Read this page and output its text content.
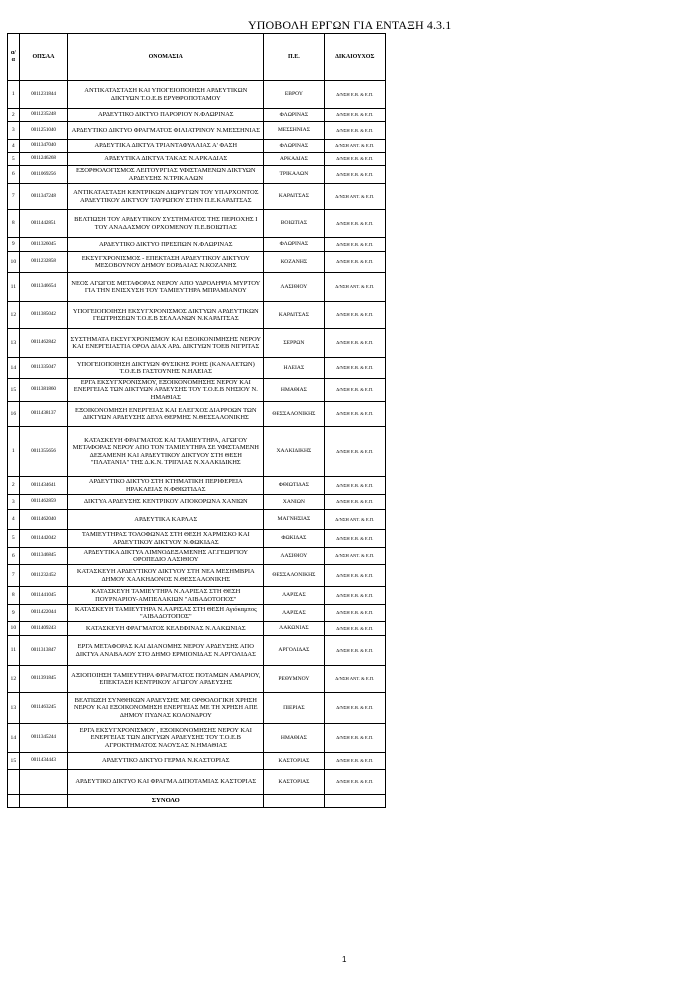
ΥΠΟΒΟΛΗ ΕΡΓΩΝ ΓΙΑ ΕΝΤΑΞΗ 4.3.1
α/α	ΟΠΣΑΑ	ΟΝΟΜΑΣΙΑ	Π.Ε.	ΔΙΚΑΙΟΥΧΟΣ
1	0011231844	ΑΝΤΙΚΑΤΑΣΤΑΣΗ ΚΑΙ ΥΠΟΓΕΙΟΠΟΙΗΣΗ ΑΡΔΕΥΤΙΚΩΝ ΔΙΚΤΥΩΝ Τ.Ο.Ε.Β ΕΡΥΘΡΟΠΟΤΑΜΟΥ	ΕΒΡΟΥ	Δ/ΝΣΗ Ε.Β. & Ε.Π.
2	0011235248	ΑΡΔΕΥΤΙΚΟ ΔΙΚΤΥΟ ΠΑΡΟΡΙΟΥ Ν.ΦΛΩΡΙΝΑΣ	ΦΛΩΡΙΝΑΣ	Δ/ΝΣΗ Ε.Β. & Ε.Π.
3	0011251040	ΑΡΔΕΥΤΙΚΟ ΔΙΚΤΥΟ ΦΡΑΓΜΑΤΟΣ ΦΙΛΙΑΤΡΙΝΟΥ Ν.ΜΕΣΣΗΝΙΑΣ	ΜΕΣΣΗΝΙΑΣ	Δ/ΝΣΗ Ε.Β. & Ε.Π.
4	0011347040	ΑΡΔΕΥΤΙΚΑ ΔΙΚΤΥΑ ΤΡΙΑΝΤΑΦΥΛΛΙΑΣ Α' ΦΑΣΗ	ΦΛΩΡΙΝΑΣ	Δ/ΝΣΗ ΑΝΤ. & Ε.Π.
5	0011246268	ΑΡΔΕΥΤΙΚΑ ΔΙΚΤΥΑ ΤΑΚΑΣ Ν.ΑΡΚΑΔΙΑΣ	ΑΡΚΑΔΙΑΣ	Δ/ΝΣΗ Ε.Β. & Ε.Π.
6	0011069256	ΕΞΟΡΘΟΛΟΓΙΣΜΟΣ ΛΕΙΤΟΥΡΓΙΑΣ ΥΦΙΣΤΑΜΕΝΩΝ ΔΙΚΤΥΩΝ ΑΡΔΕΥΣΗΣ Ν.ΤΡΙΚΑΛΩΝ	ΤΡΙΚΑΛΩΝ	Δ/ΝΣΗ Ε.Β. & Ε.Π.
7	0011347248	ΑΝΤΙΚΑΤΑΣΤΑΣΗ ΚΕΝΤΡΙΚΩΝ ΔΙΩΡΥΓΩΝ ΤΟΥ ΥΠΑΡΧΟΝΤΟΣ ΑΡΔΕΥΤΙΚΟΥ ΔΙΚΤΥΟΥ ΤΑΥΡΩΠΟΥ ΣΤΗΝ Π.Ε.ΚΑΡΔΙΤΣΑΣ	ΚΑΡΔΙΤΣΑΣ	Δ/ΝΣΗ ΑΝΤ. & Ε.Π.
8	0011442851	ΒΕΛΤΙΩΣΗ ΤΟΥ ΑΡΔΕΥΤΙΚΟΥ ΣΥΣΤΗΜΑΤΟΣ ΤΗΣ ΠΕΡΙΟΧΗΣ Ι ΤΟΥ ΑΝΑΔΑΣΜΟΥ ΟΡΧΟΜΕΝΟΥ Π.Ε.ΒΟΙΩΤΙΑΣ	ΒΟΙΩΤΙΑΣ	Δ/ΝΣΗ Ε.Β. & Ε.Π.
9	0011326045	ΑΡΔΕΥΤΙΚΟ ΔΙΚΤΥΟ ΠΡΕΣΠΩΝ Ν.ΦΛΩΡΙΝΑΣ	ΦΛΩΡΙΝΑΣ	Δ/ΝΣΗ Ε.Β. & Ε.Π.
10	0011232858	ΕΚΣΥΓΧΡΟΝΙΣΜΟΣ - ΕΠΕΚΤΑΣΗ ΑΡΔΕΥΤΙΚΟΥ ΔΙΚΤΥΟΥ ΜΕΣΟΒΟΥΝΟΥ ΔΗΜΟΥ ΕΟΡΔΑΙΑΣ Ν.ΚΟΖΑΝΗΣ	ΚΟΖΑΝΗΣ	Δ/ΝΣΗ Ε.Β. & Ε.Π.
11	0011346654	ΝΕΟΣ ΑΓΩΓΟΣ ΜΕΤΑΦΟΡΑΣ ΝΕΡΟΥ ΑΠΟ ΥΔΡΟΛΗΨΙΑ ΜΥΡΤΟΥ ΓΙΑ ΤΗΝ ΕΝΙΣΧΥΣΗ ΤΟΥ ΤΑΜΙΕΥΤΗΡΑ ΜΠΡΑΜΙΑΝΟΥ	ΛΑΣΙΘΙΟΥ	Δ/ΝΣΗ ΑΝΤ. & Ε.Π.
12	0011385042	ΥΠΟΓΕΙΟΠΟΙΗΣΗ ΕΚΣΥΓΧΡΟΝΙΣΜΟΣ ΔΙΚΤΥΩΝ ΑΡΔΕΥΤΙΚΩΝ ΓΕΩΤΡΗΣΕΩΝ Τ.Ο.Ε.Β ΣΕΛΛΑΝΩΝ Ν.ΚΑΡΔΙΤΣΑΣ	ΚΑΡΔΙΤΣΑΣ	Δ/ΝΣΗ Ε.Β. & Ε.Π.
13	0011462842	ΣΥΣΤΗΜΑΤΑ ΕΚΣΥΓΧΡΟΝΙΣΜΟΥ ΚΑΙ ΕΞΟΙΚΟΝΙΜΗΣΗΣ ΝΕΡΟΥ ΚΑΙ ΕΝΕΡΓΕΙΑΣΤΙΑ ΟΡΟΛ ΔΙΑΧ ΑΡΔ. ΔΙΚΤΥΩΝ ΤΟΕΒ ΝΙΓΡΙΤΑΣ	ΣΕΡΡΩΝ	Δ/ΝΣΗ Ε.Β. & Ε.Π.
14	0011335047	ΥΠΟΓΕΙΟΠΟΙΗΣΗ ΔΙΚΤΥΩΝ ΦΥΣΙΚΗΣ ΡΟΗΣ (ΚΑΝΑΛΕΤΩΝ) Τ.Ο.Ε.Β ΓΑΣΤΟΥΝΗΣ Ν.ΗΛΕΙΑΣ	ΗΛΕΙΑΣ	Δ/ΝΣΗ Ε.Β. & Ε.Π.
15	0011381860	ΕΡΓΑ ΕΚΣΥΓΧΡΟΝΙΣΜΟΥ, ΕΞΟΙΚΟΝΟΜΗΣΗΣ ΝΕΡΟΥ ΚΑΙ ΕΝΕΡΓΕΙΑΣ ΤΩΝ ΔΙΚΤΥΩΝ ΑΡΔΕΥΣΗΣ ΤΟΥ Τ.Ο.Ε.Β ΝΗΣΙΟΥ Ν. ΗΜΑΘΙΑΣ	ΗΜΑΘΙΑΣ	Δ/ΝΣΗ Ε.Β. & Ε.Π.
16	0011438137	ΕΞΟΙΚΟΝΟΜΗΣΗ ΕΝΕΡΓΕΙΑΣ ΚΑΙ ΕΛΕΓΧΟΣ ΔΙΑΡΡΟΩΝ ΤΩΝ ΔΙΚΤΥΩΝ ΑΡΔΕΥΣΗΣ ΔΕΥΑ ΘΕΡΜΗΣ Ν.ΘΕΣΣΑΛΟΝΙΚΗΣ	ΘΕΣΣΑΛΟΝΙΚΗΣ	Δ/ΝΣΗ Ε.Β. & Ε.Π.
1	0011355656	ΚΑΤΑΣΚΕΥΗ ΦΡΑΓΜΑΤΟΣ ΚΑΙ ΤΑΜΙΕΥΤΗΡΑ, ΑΓΩΓΟΥ ΜΕΤΑΦΟΡΑΣ ΝΕΡΟΥ ΑΠΟ ΤΟΝ ΤΑΜΙΕΥΤΗΡΑ ΣΕ ΥΦΙΣΤΑΜΕΝΗ ΔΕΞΑΜΕΝΗ ΚΑΙ ΑΡΔΕΥΤΙΚΟΥ ΔΙΚΤΥΟΥ ΣΤΗ ΘΕΣΗ "ΠΛΑΤΑΝΙΑ" ΤΗΣ Δ.Κ.Ν. ΤΡΙΓΛΙΑΣ Ν.ΧΑΛΚΙΔΙΚΗΣ	ΧΑΛΚΙΔΙΚΗΣ	Δ/ΝΣΗ Ε.Β. & Ε.Π.
2	0011434641	ΑΡΔΕΥΤΙΚΟ ΔΙΚΤΥΟ ΣΤΗ ΚΤΗΜΑΤΙΚΗ ΠΕΡΙΦΕΡΕΙΑ ΗΡΑΚΛΕΙΑΣ Ν.ΦΘΙΩΤΙΔΑΣ	ΦΘΙΩΤΙΔΑΣ	Δ/ΝΣΗ Ε.Β. & Ε.Π.
3	0011462859	ΔΙΚΤΥΑ ΑΡΔΕΥΣΗΣ ΚΕΝΤΡΙΚΟΥ ΑΠΟΚΟΡΩΝΑ ΧΑΝΙΩΝ	ΧΑΝΙΩΝ	Δ/ΝΣΗ Ε.Β. & Ε.Π.
4	0011462040	ΑΡΔΕΥΤΙΚΑ ΚΑΡΛΑΣ	ΜΑΓΝΗΣΙΑΣ	Δ/ΝΣΗ ΑΝΤ. & Ε.Π.
5	0011442042	ΤΑΜΙΕΥΤΗΡΑΣ ΤΟΛΟΦΩΝΑΣ ΣΤΗ ΘΕΣΗ ΧΑΡΜΙΣΚΟ ΚΑΙ ΑΡΔΕΥΤΙΚΟΥ ΔΙΚΤΥΟΥ Ν.ΦΩΚΙΔΑΣ	ΦΩΚΙΔΑΣ	Δ/ΝΣΗ Ε.Β. & Ε.Π.
6	0011346845	ΑΡΔΕΥΤΙΚΑ ΔΙΚΤΥΑ ΛΙΜΝΟΔΕΞΑΜΕΝΗΣ ΑΓ.ΓΕΩΡΓΙΟΥ ΟΡΟΠΕΔΙΟ ΛΑΣΙΘΙΟΥ	ΛΑΣΙΘΙΟΥ	Δ/ΝΣΗ ΑΝΤ. & Ε.Π.
7	0011232452	ΚΑΤΑΣΚΕΥΗ ΑΡΔΕΥΤΙΚΟΥ ΔΙΚΤΥΟΥ ΣΤΗ ΝΕΑ ΜΕΣΗΜΒΡΙΑ ΔΗΜΟΥ ΧΑΛΚΗΔΟΝΟΣ Ν.ΘΕΣΣΑΛΟΝΙΚΗΣ	ΘΕΣΣΑΛΟΝΙΚΗΣ	Δ/ΝΣΗ Ε.Β. & Ε.Π.
8	0011441045	ΚΑΤΑΣΚΕΥΗ ΤΑΜΙΕΥΤΗΡΑ Ν.ΛΑΡΙΣΑΣ ΣΤΗ ΘΕΣΗ ΠΟΥΡΝΑΡΙΟΥ-ΑΜΠΕΛΑΚΙΩΝ "ΑΙΒΑΔΟΤΟΠΟΣ"	ΛΑΡΙΣΑΣ	Δ/ΝΣΗ Ε.Β. & Ε.Π.
9	0011422044	ΚΑΤΑΣΚΕΥΗ ΤΑΜΙΕΥΤΗΡΑ Ν.ΛΑΡΙΣΑΣ ΣΤΗ ΘΕΣΗ Αγιόκαμπος "ΑΙΒΑΔΟΤΟΠΟΣ"	ΛΑΡΙΣΑΣ	Δ/ΝΣΗ Ε.Β. & Ε.Π.
10	0011409243	ΚΑΤΑΣΚΕΥΗ ΦΡΑΓΜΑΤΟΣ ΚΕΛΕΦΙΝΑΣ Ν.ΛΑΚΩΝΙΑΣ	ΛΑΚΩΝΙΑΣ	Δ/ΝΣΗ Ε.Β. & Ε.Π.
11	0011313847	ΕΡΓΑ ΜΕΤΑΦΟΡΑΣ ΚΑΙ ΔΙΑΝΟΜΗΣ ΝΕΡΟΥ ΑΡΔΕΥΣΗΣ ΑΠΟ ΔΙΚΤΥΑ ΑΝΑΒΑΛΟΥ ΣΤΟ ΔΗΜΟ ΕΡΜΙΟΝΙΔΑΣ Ν.ΑΡΓΟΛΙΔΑΣ	ΑΡΓΟΛΙΔΑΣ	Δ/ΝΣΗ Ε.Β. & Ε.Π.
12	0011391845	ΑΞΙΟΠΟΙΗΣΗ ΤΑΜΙΕΥΤΗΡΑ ΦΡΑΓΜΑΤΟΣ ΠΟΤΑΜΩΝ ΑΜΑΡΙΟΥ, ΕΠΕΚΤΑΣΗ ΚΕΝΤΡΙΚΟΥ ΑΓΩΓΟΥ ΑΡΔΕΥΣΗΣ	ΡΕΘΥΜΝΟΥ	Δ/ΝΣΗ ΑΝΤ. & Ε.Π.
13	0011463245	ΒΕΛΤΙΩΣΗ ΣΥΝΘΗΚΩΝ ΑΡΔΕΥΣΗΣ ΜΕ ΟΡΘΟΛΟΓΙΚΗ ΧΡΗΣΗ ΝΕΡΟΥ ΚΑΙ ΕΞΟΙΚΟΝΟΜΗΣΗ ΕΝΕΡΓΕΙΑΣ ΜΕ ΤΗ ΧΡΗΣΗ ΑΠΕ ΔΗΜΟΥ ΠΥΔΝΑΣ ΚΟΛΟΝΔΡΟΥ	ΠΙΕΡΙΑΣ	Δ/ΝΣΗ Ε.Β. & Ε.Π.
14	0011345244	ΕΡΓΑ ΕΚΣΥΓΧΡΟΝΙΣΜΟΥ , ΕΞΟΙΚΟΝΟΜΗΣΗΣ ΝΕΡΟΥ ΚΑΙ ΕΝΕΡΓΕΙΑΣ ΤΩΝ ΔΙΚΤΥΩΝ ΑΡΔΕΥΣΗΣ ΤΟΥ Τ.Ο.Ε.Β ΑΓΡΟΚΤΗΜΑΤΟΣ ΝΑΟΥΣΑΣ Ν.ΗΜΑΘΙΑΣ	ΗΜΑΘΙΑΣ	Δ/ΝΣΗ Ε.Β. & Ε.Π.
15	0011434443	ΑΡΔΕΥΤΙΚΟ ΔΙΚΤΥΟ ΓΕΡΜΑ Ν.ΚΑΣΤΟΡΙΑΣ	ΚΑΣΤΟΡΙΑΣ	Δ/ΝΣΗ Ε.Β. & Ε.Π.
		ΑΡΔΕΥΤΙΚΟ ΔΙΚΤΥΟ ΚΑΙ ΦΡΑΓΜΑ ΔΙΠΟΤΑΜΙΑΣ ΚΑΣΤΟΡΙΑΣ	ΚΑΣΤΟΡΙΑΣ	Δ/ΝΣΗ Ε.Β. & Ε.Π.
		ΣΥΝΟΛΟ		
1
